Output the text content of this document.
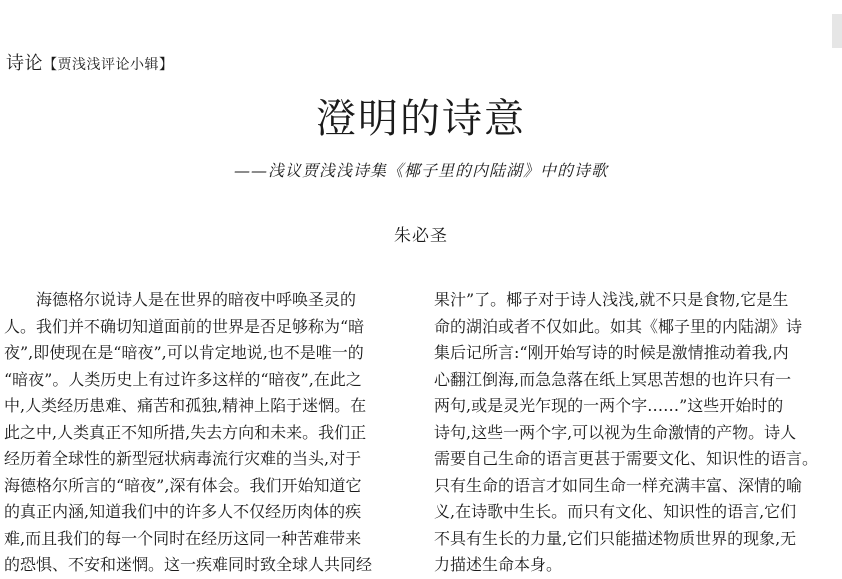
诗论【贾浅浅评论小辑】
澄明的诗意
——浅议贾浅浅诗集《椰子里的内陆湖》中的诗歌
朱必圣
　　海德格尔说诗人是在世界的暗夜中呼唤圣灵的
人。我们并不确切知道面前的世界是否足够称为“暗
夜”,即使现在是“暗夜”,可以肯定地说,也不是唯一的
“暗夜”。人类历史上有过许多这样的“暗夜”,在此之
中,人类经历患难、痛苦和孤独,精神上陷于迷惘。在
此之中,人类真正不知所措,失去方向和未来。我们正
经历着全球性的新型冠状病毒流行灾难的当头,对于
海德格尔所言的“暗夜”,深有体会。我们开始知道它
的真正内涵,知道我们中的许多人不仅经历肉体的疾
难,而且我们的每一个同时在经历这同一种苦难带来
的恐惧、不安和迷惘。这一疾难同时致全球人共同经
果汁”了。椰子对于诗人浅浅,就不只是食物,它是生
命的湖泊或者不仅如此。如其《椰子里的内陆湖》诗
集后记所言:“刚开始写诗的时候是激情推动着我,内
心翻江倒海,而急急落在纸上冥思苦想的也许只有一
两句,或是灵光乍现的一两个字……”这些开始时的
诗句,这些一两个字,可以视为生命激情的产物。诗人
需要自己生命的语言更甚于需要文化、知识性的语言。
只有生命的语言才如同生命一样充满丰富、深情的喻
义,在诗歌中生长。而只有文化、知识性的语言,它们
不具有生长的力量,它们只能描述物质世界的现象,无
力描述生命本身。
